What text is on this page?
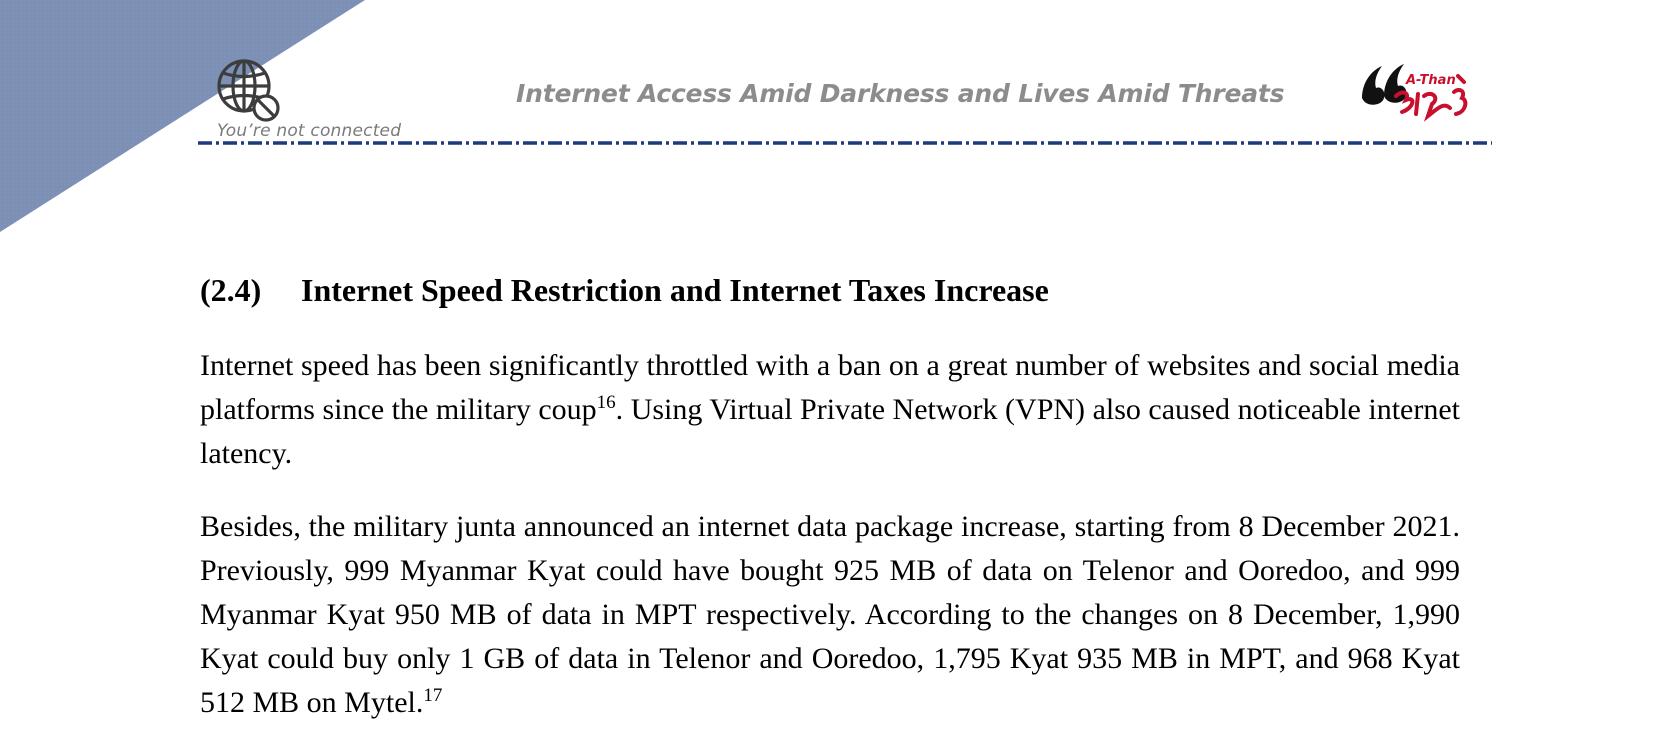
You’re not connected
Internet Access Amid Darkness and Lives Amid Threats	A-Than
(2.4) Internet Speed Restriction and Internet Taxes Increase

Internet speed has been significantly throttled with a ban on a great number of websites and social media platforms since the military coup$^{16}$. Using Virtual Private Network (VPN) also caused noticeable internet latency.

Besides, the military junta announced an internet data package increase, starting from 8 December 2021. Previously, 999 Myanmar Kyat could have bought 925 MB of data on Telenor and Ooredoo, and 999 Myanmar Kyat 950 MB of data in MPT respectively. According to the changes on 8 December, 1,990 Kyat could buy only 1 GB of data in Telenor and Ooredoo, 1,795 Kyat 935 MB in MPT, and 968 Kyat 512 MB on Mytel.$^{17}$
